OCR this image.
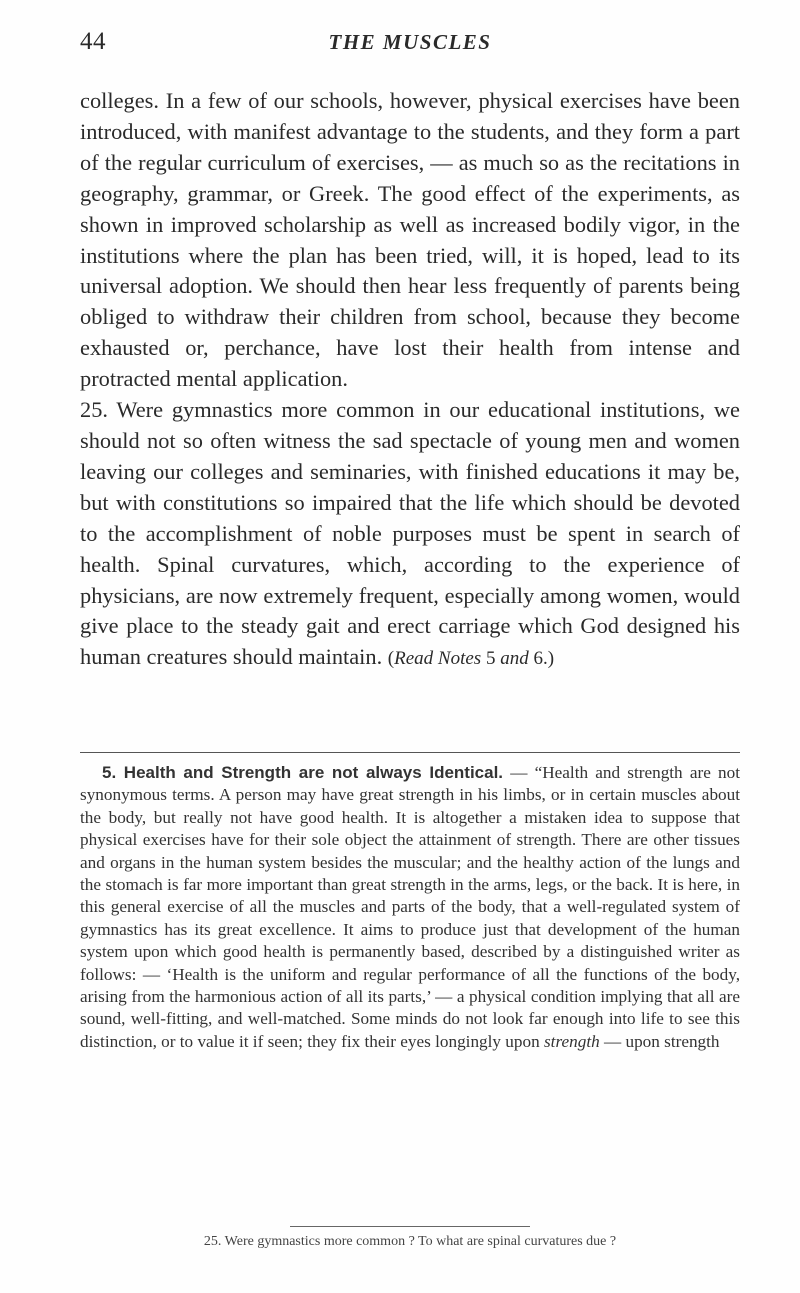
44	THE MUSCLES

colleges. In a few of our schools, however, physical exercises have been introduced, with manifest advantage to the students, and they form a part of the regular curriculum of exercises, — as much so as the recitations in geography, grammar, or Greek. The good effect of the experiments, as shown in improved scholarship as well as increased bodily vigor, in the institutions where the plan has been tried, will, it is hoped, lead to its universal adoption. We should then hear less frequently of parents being obliged to withdraw their children from school, because they become exhausted or, perchance, have lost their health from intense and protracted mental application.

25. Were gymnastics more common in our educational institutions, we should not so often witness the sad spectacle of young men and women leaving our colleges and seminaries, with finished educations it may be, but with constitutions so impaired that the life which should be devoted to the accomplishment of noble purposes must be spent in search of health. Spinal curvatures, which, according to the experience of physicians, are now extremely frequent, especially among women, would give place to the steady gait and erect carriage which God designed his human creatures should maintain. (Read Notes 5 and 6.)

5. Health and Strength are not always Identical. — “Health and strength are not synonymous terms. A person may have great strength in his limbs, or in certain muscles about the body, but really not have good health. It is altogether a mistaken idea to suppose that physical exercises have for their sole object the attainment of strength. There are other tissues and organs in the human system besides the muscular; and the healthy action of the lungs and the stomach is far more important than great strength in the arms, legs, or the back. It is here, in this general exercise of all the muscles and parts of the body, that a well-regulated system of gymnastics has its great excellence. It aims to produce just that development of the human system upon which good health is permanently based, described by a distinguished writer as follows: — ‘Health is the uniform and regular performance of all the functions of the body, arising from the harmonious action of all its parts,’ — a physical condition implying that all are sound, well-fitting, and well-matched. Some minds do not look far enough into life to see this distinction, or to value it if seen; they fix their eyes longingly upon strength — upon strength

25. Were gymnastics more common ? To what are spinal curvatures due ?
